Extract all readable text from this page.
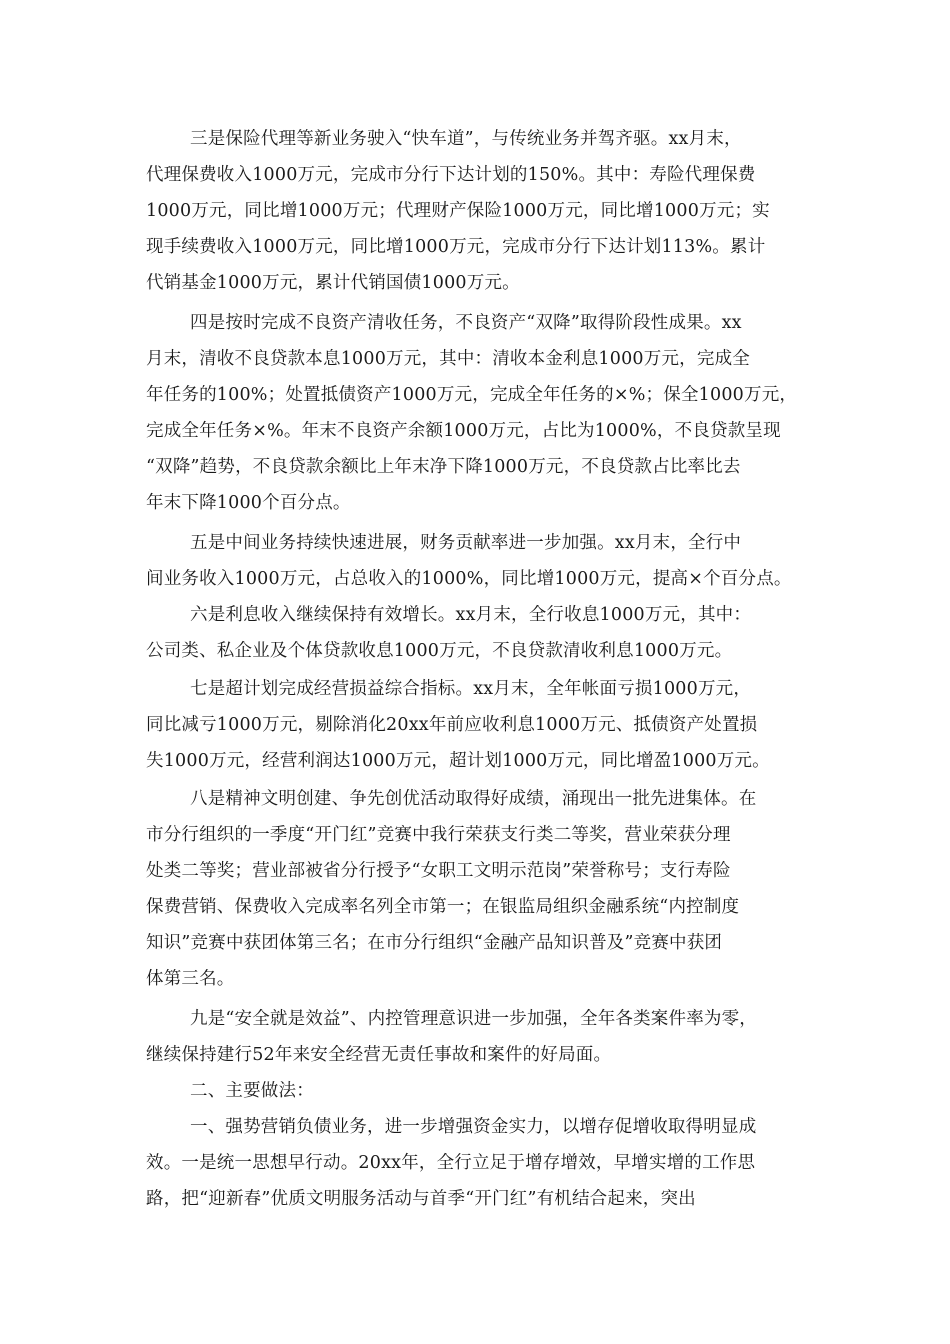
三是保险代理等新业务驶入“快车道”，与传统业务并驾齐驱。xx月末，
代理保费收入1000万元，完成市分行下达计划的150%。其中：寿险代理保费
1000万元，同比增1000万元；代理财产保险1000万元，同比增1000万元；实
现手续费收入1000万元，同比增1000万元，完成市分行下达计划113%。累计
代销基金1000万元，累计代销国债1000万元。
四是按时完成不良资产清收任务，不良资产“双降”取得阶段性成果。xx
月末，清收不良贷款本息1000万元，其中：清收本金利息1000万元，完成全
年任务的100%；处置抵债资产1000万元，完成全年任务的×%；保全1000万元，
完成全年任务×%。年末不良资产余额1000万元，占比为1000%，不良贷款呈现
“双降”趋势，不良贷款余额比上年末净下降1000万元，不良贷款占比率比去
年末下降1000个百分点。
五是中间业务持续快速进展，财务贡献率进一步加强。xx月末，全行中
间业务收入1000万元，占总收入的1000%，同比增1000万元，提高×个百分点。
六是利息收入继续保持有效增长。xx月末，全行收息1000万元，其中：
公司类、私企业及个体贷款收息1000万元，不良贷款清收利息1000万元。
七是超计划完成经营损益综合指标。xx月末，全年帐面亏损1000万元，
同比减亏1000万元，剔除消化20xx年前应收利息1000万元、抵债资产处置损
失1000万元，经营利润达1000万元，超计划1000万元，同比增盈1000万元。
八是精神文明创建、争先创优活动取得好成绩，涌现出一批先进集体。在
市分行组织的一季度“开门红”竞赛中我行荣获支行类二等奖，营业荣获分理
处类二等奖；营业部被省分行授予“女职工文明示范岗”荣誉称号；支行寿险
保费营销、保费收入完成率名列全市第一；在银监局组织金融系统“内控制度
知识”竞赛中获团体第三名；在市分行组织“金融产品知识普及”竞赛中获团
体第三名。
九是“安全就是效益”、内控管理意识进一步加强，全年各类案件率为零，
继续保持建行52年来安全经营无责任事故和案件的好局面。
二、主要做法：
一、强势营销负债业务，进一步增强资金实力，以增存促增收取得明显成
效。一是统一思想早行动。20xx年，全行立足于增存增效，早增实增的工作思
路，把“迎新春”优质文明服务活动与首季“开门红”有机结合起来，突出
